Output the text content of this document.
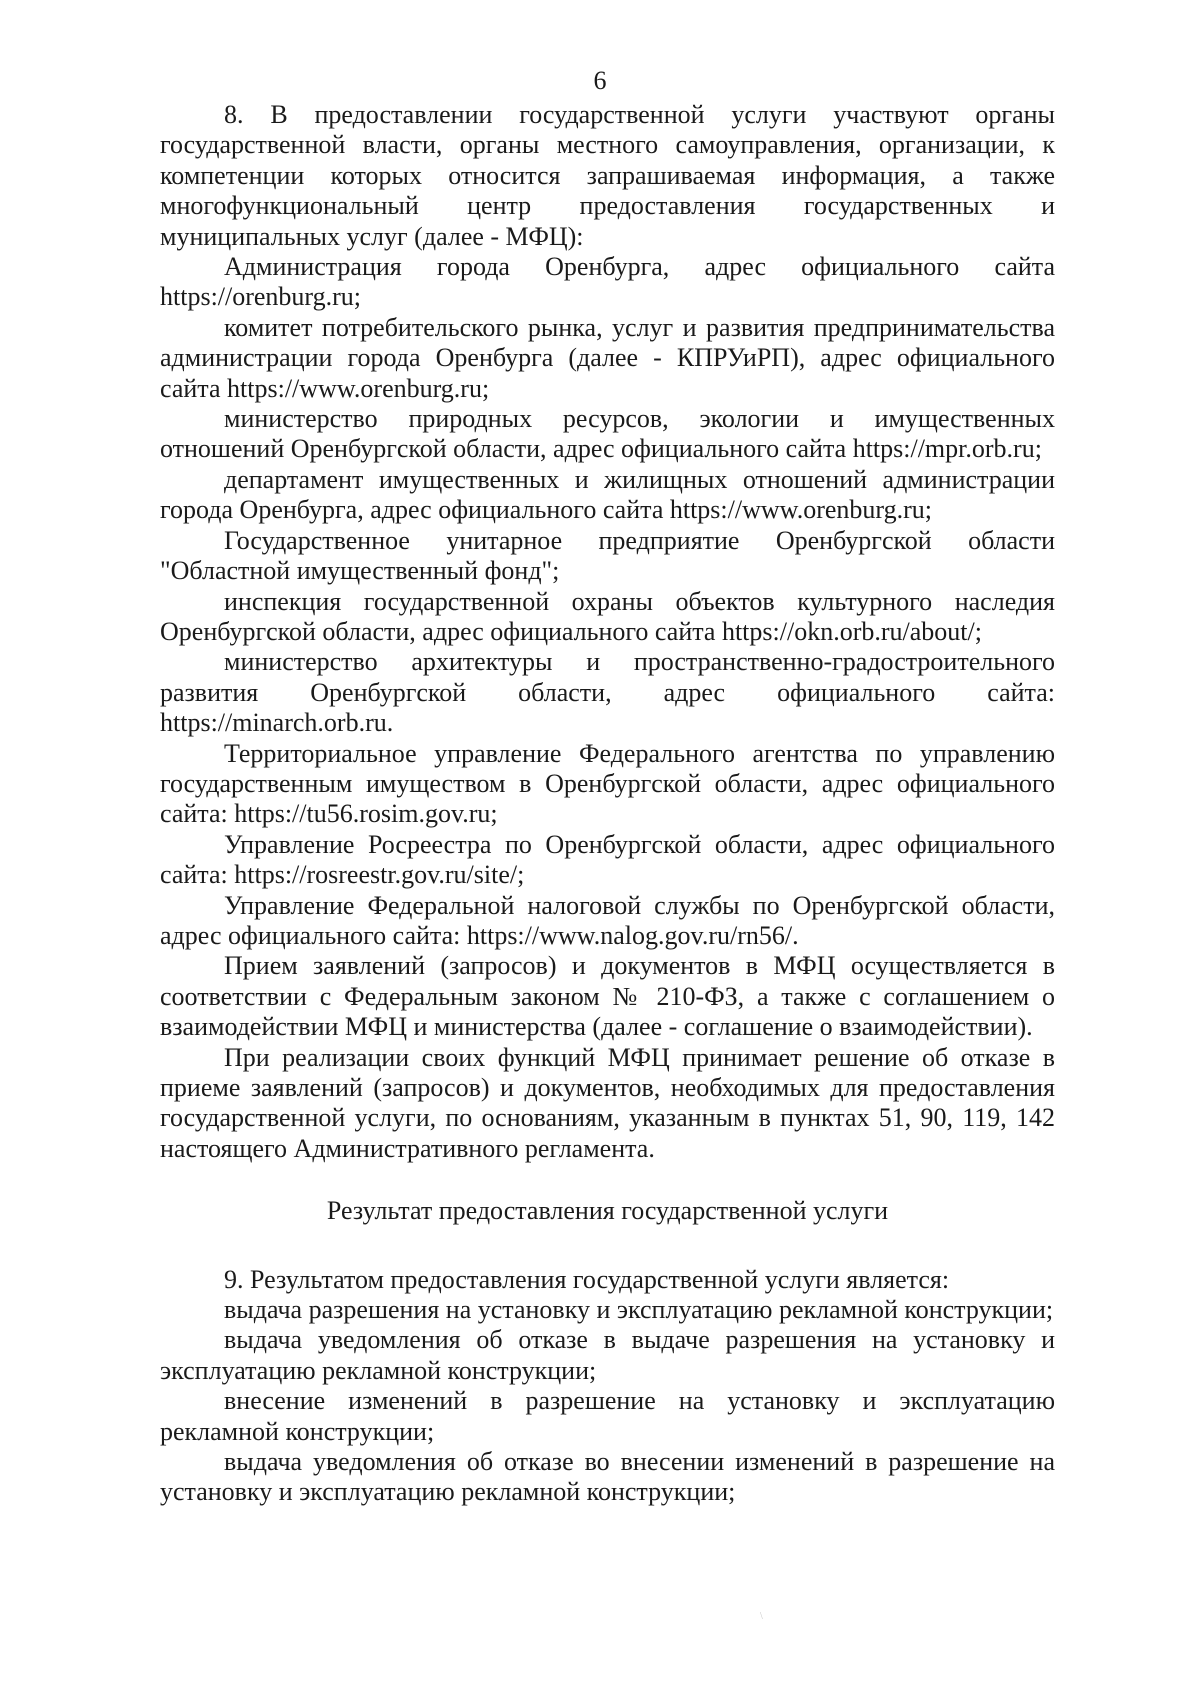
6

8. В предоставлении государственной услуги участвуют органы государственной власти, органы местного самоуправления, организации, к компетенции которых относится запрашиваемая информация, а также многофункциональный центр предоставления государственных и муниципальных услуг (далее - МФЦ):

Администрация города Оренбурга, адрес официального сайта https://orenburg.ru;

комитет потребительского рынка, услуг и развития предпринимательства администрации города Оренбурга (далее - КПРУиРП), адрес официального сайта https://www.orenburg.ru;

министерство природных ресурсов, экологии и имущественных отношений Оренбургской области, адрес официального сайта https://mpr.orb.ru;

департамент имущественных и жилищных отношений администрации города Оренбурга, адрес официального сайта https://www.orenburg.ru;

Государственное унитарное предприятие Оренбургской области "Областной имущественный фонд";

инспекция государственной охраны объектов культурного наследия Оренбургской области, адрес официального сайта https://okn.orb.ru/about/;

министерство архитектуры и пространственно-градостроительного развития Оренбургской области, адрес официального сайта: https://minarch.orb.ru.

Территориальное управление Федерального агентства по управлению государственным имуществом в Оренбургской области, адрес официального сайта: https://tu56.rosim.gov.ru;

Управление Росреестра по Оренбургской области, адрес официального сайта: https://rosreestr.gov.ru/site/;

Управление Федеральной налоговой службы по Оренбургской области, адрес официального сайта: https://www.nalog.gov.ru/rn56/.

Прием заявлений (запросов) и документов в МФЦ осуществляется в соответствии с Федеральным законом № 210-ФЗ, а также с соглашением о взаимодействии МФЦ и министерства (далее - соглашение о взаимодействии).

При реализации своих функций МФЦ принимает решение об отказе в приеме заявлений (запросов) и документов, необходимых для предоставления государственной услуги, по основаниям, указанным в пунктах 51, 90, 119, 142 настоящего Административного регламента.

Результат предоставления государственной услуги

9. Результатом предоставления государственной услуги является:

выдача разрешения на установку и эксплуатацию рекламной конструкции;

выдача уведомления об отказе в выдаче разрешения на установку и эксплуатацию рекламной конструкции;

внесение изменений в разрешение на установку и эксплуатацию рекламной конструкции;

выдача уведомления об отказе во внесении изменений в разрешение на установку и эксплуатацию рекламной конструкции;

\
